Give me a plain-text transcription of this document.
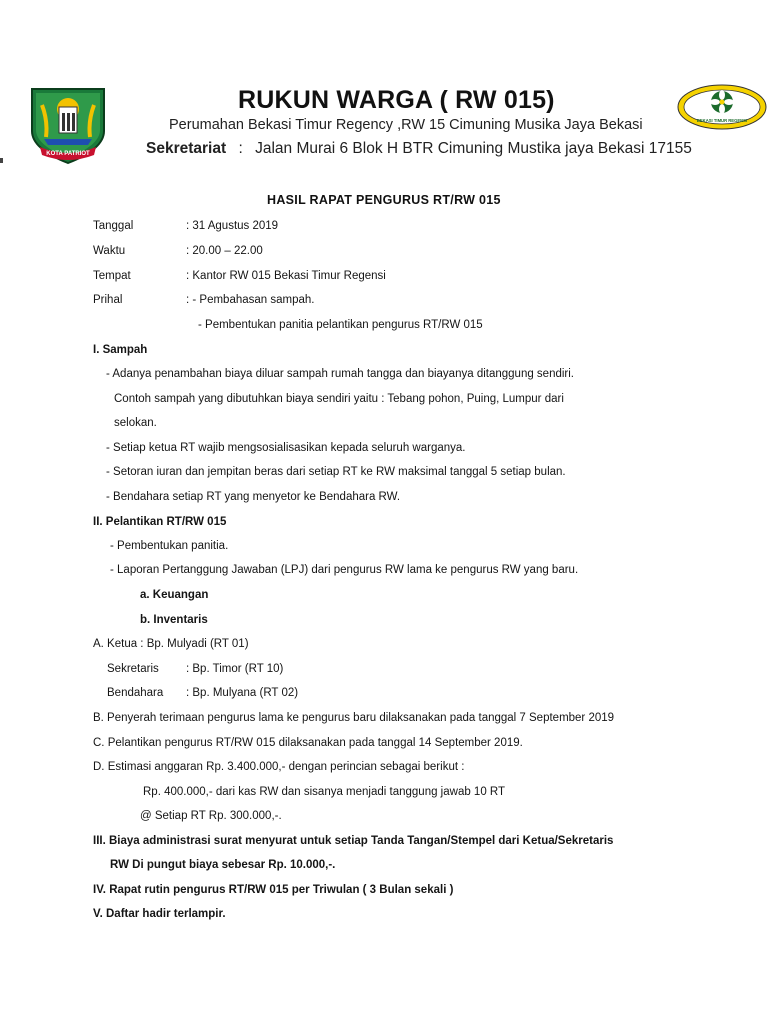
KOTA PATRIOT
BEKASI TIMUR REGENSI
RUKUN WARGA ( RW 015)
Perumahan Bekasi Timur Regency ,RW 15 Cimuning Musika Jaya Bekasi
Sekretariat : Jalan Murai 6 Blok H BTR Cimuning Mustika jaya Bekasi 17155
HASIL RAPAT PENGURUS RT/RW 015
Tanggal	: 31 Agustus 2019
Waktu	: 20.00 – 22.00
Tempat	: Kantor RW 015 Bekasi Timur Regensi
Prihal	: - Pembahasan sampah.
- Pembentukan panitia pelantikan pengurus RT/RW 015
I. Sampah
- Adanya penambahan biaya diluar sampah rumah tangga dan biayanya ditanggung sendiri.
Contoh sampah yang dibutuhkan biaya sendiri yaitu : Tebang pohon, Puing, Lumpur dari
selokan.
- Setiap ketua RT wajib mengsosialisasikan kepada seluruh warganya.
- Setoran iuran dan jempitan beras dari setiap RT ke RW maksimal tanggal 5 setiap bulan.
- Bendahara setiap RT yang menyetor ke Bendahara RW.
II. Pelantikan RT/RW 015
- Pembentukan panitia.
- Laporan Pertanggung Jawaban (LPJ) dari pengurus RW lama ke pengurus RW yang baru.
a. Keuangan
b. Inventaris
A. Ketua : Bp. Mulyadi (RT 01)
Sekretaris : Bp. Timor (RT 10)
Bendahara : Bp. Mulyana (RT 02)
B. Penyerah terimaan pengurus lama ke pengurus baru dilaksanakan pada tanggal 7 September 2019
C. Pelantikan pengurus RT/RW 015 dilaksanakan pada tanggal 14 September 2019.
D. Estimasi anggaran Rp. 3.400.000,- dengan perincian sebagai berikut :
Rp. 400.000,- dari kas RW dan sisanya menjadi tanggung jawab 10 RT
@ Setiap RT Rp. 300.000,-.
III. Biaya administrasi surat menyurat untuk setiap Tanda Tangan/Stempel dari Ketua/Sekretaris
RW Di pungut biaya sebesar Rp. 10.000,-.
IV. Rapat rutin pengurus RT/RW 015 per Triwulan ( 3 Bulan sekali )
V. Daftar hadir terlampir.
